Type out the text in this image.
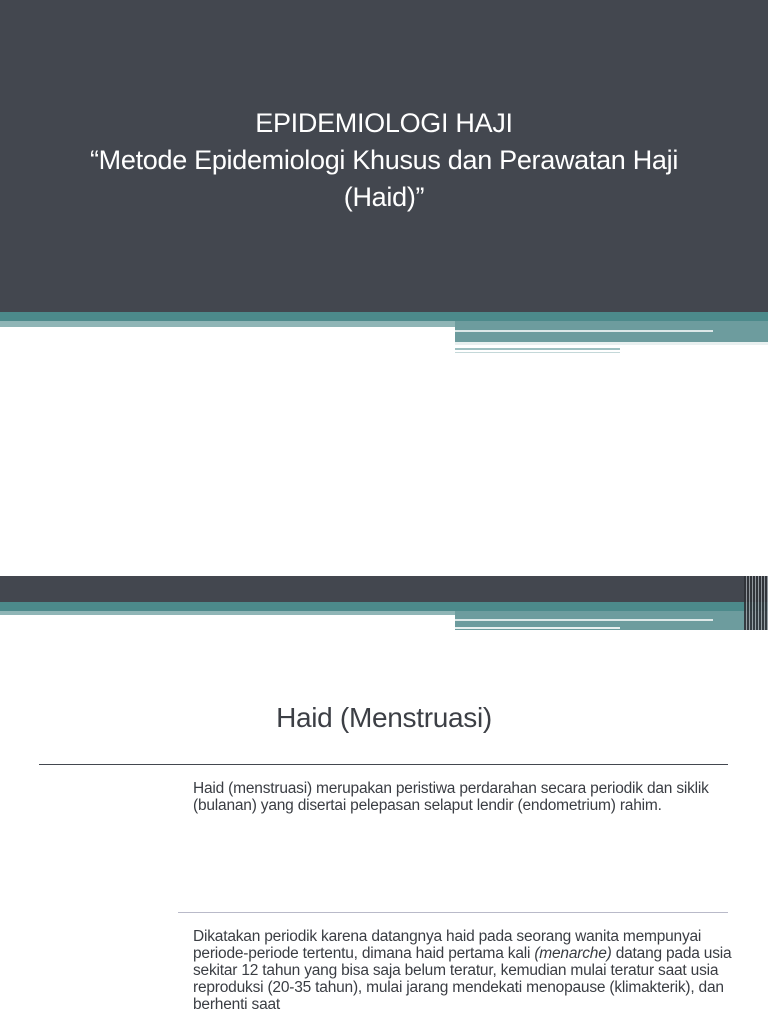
EPIDEMIOLOGI HAJI
“Metode Epidemiologi Khusus dan Perawatan Haji
(Haid)”
Haid (Menstruasi)
Haid (menstruasi) merupakan peristiwa perdarahan secara periodik dan siklik (bulanan) yang disertai pelepasan selaput lendir (endometrium) rahim.
Dikatakan periodik karena datangnya haid pada seorang wanita mempunyai periode-periode tertentu, dimana haid pertama kali (menarche) datang pada usia sekitar 12 tahun yang bisa saja belum teratur, kemudian mulai teratur saat usia reproduksi (20-35 tahun), mulai jarang mendekati menopause (klimakterik), dan berhenti saat
